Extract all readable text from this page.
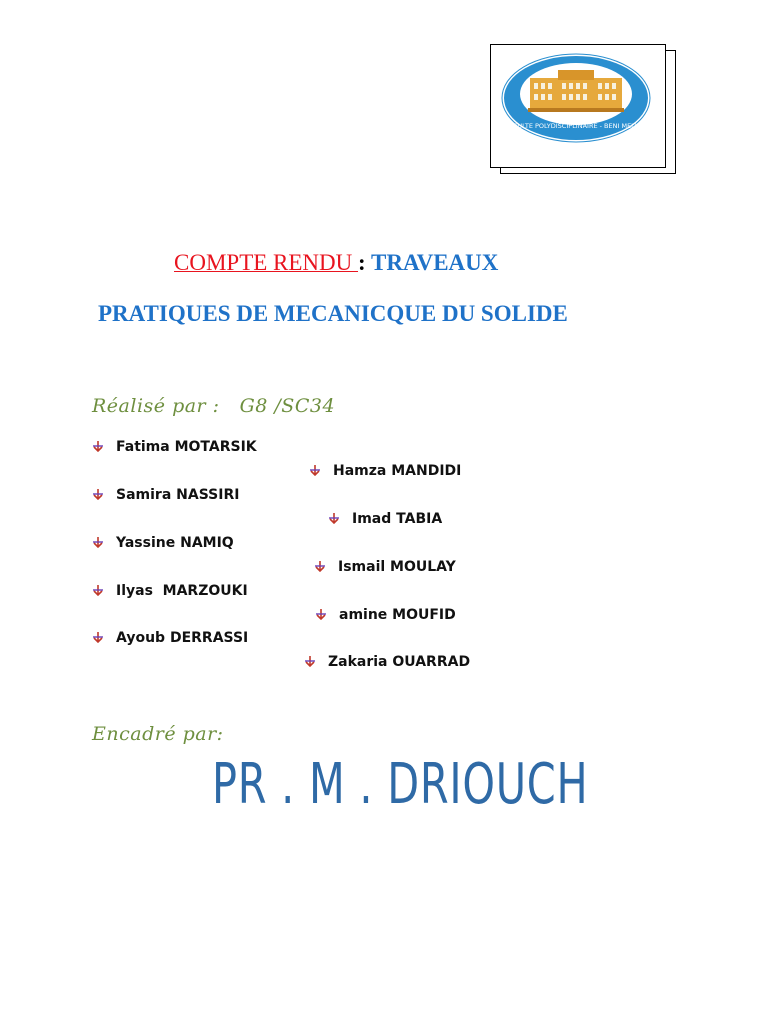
FACULTE POLYDISCIPLINAIRE - BENI MELLAL
COMPTE RENDU : TRAVEAUX
PRATIQUES DE MECANICQUE DU SOLIDE
Réalisé par : G8 /SC34
Fatima MOTARSIK
Hamza MANDIDI
Samira NASSIRI
Imad TABIA
Yassine NAMIQ
Ismail MOULAY
Ilyas  MARZOUKI
amine MOUFID
Ayoub DERRASSI
Zakaria OUARRAD
Encadré par:
PR . M . DRIOUCH
